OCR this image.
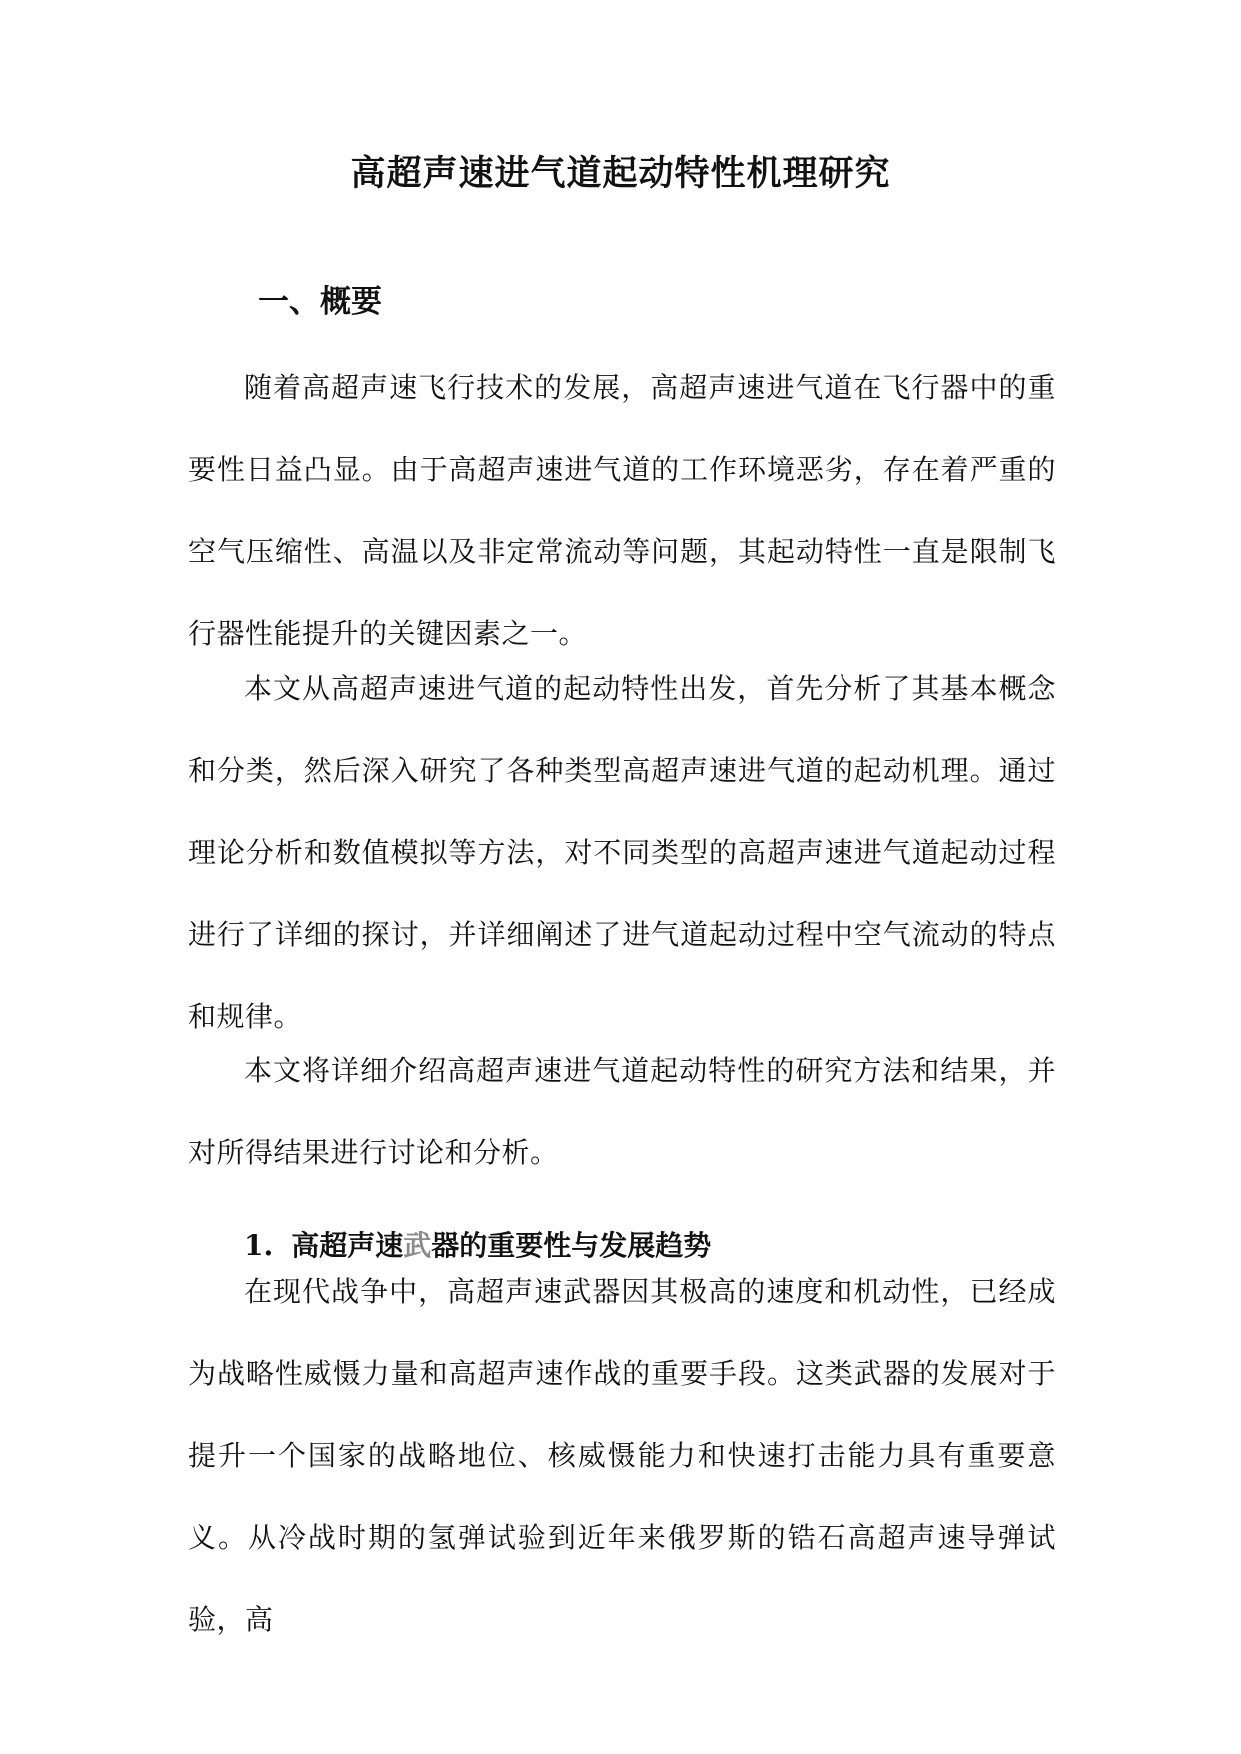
高超声速进气道起动特性机理研究
一、概要

随着高超声速飞行技术的发展，高超声速进气道在飞行器中的重要性日益凸显。由于高超声速进气道的工作环境恶劣，存在着严重的空气压缩性、高温以及非定常流动等问题，其起动特性一直是限制飞行器性能提升的关键因素之一。

本文从高超声速进气道的起动特性出发，首先分析了其基本概念和分类，然后深入研究了各种类型高超声速进气道的起动机理。通过理论分析和数值模拟等方法，对不同类型的高超声速进气道起动过程进行了详细的探讨，并详细阐述了进气道起动过程中空气流动的特点和规律。

本文将详细介绍高超声速进气道起动特性的研究方法和结果，并对所得结果进行讨论和分析。

1. 高超声速武器的重要性与发展趋势

在现代战争中，高超声速武器因其极高的速度和机动性，已经成为战略性威慑力量和高超声速作战的重要手段。这类武器的发展对于提升一个国家的战略地位、核威慑能力和快速打击能力具有重要意义。从冷战时期的氢弹试验到近年来俄罗斯的锆石高超声速导弹试验，高
